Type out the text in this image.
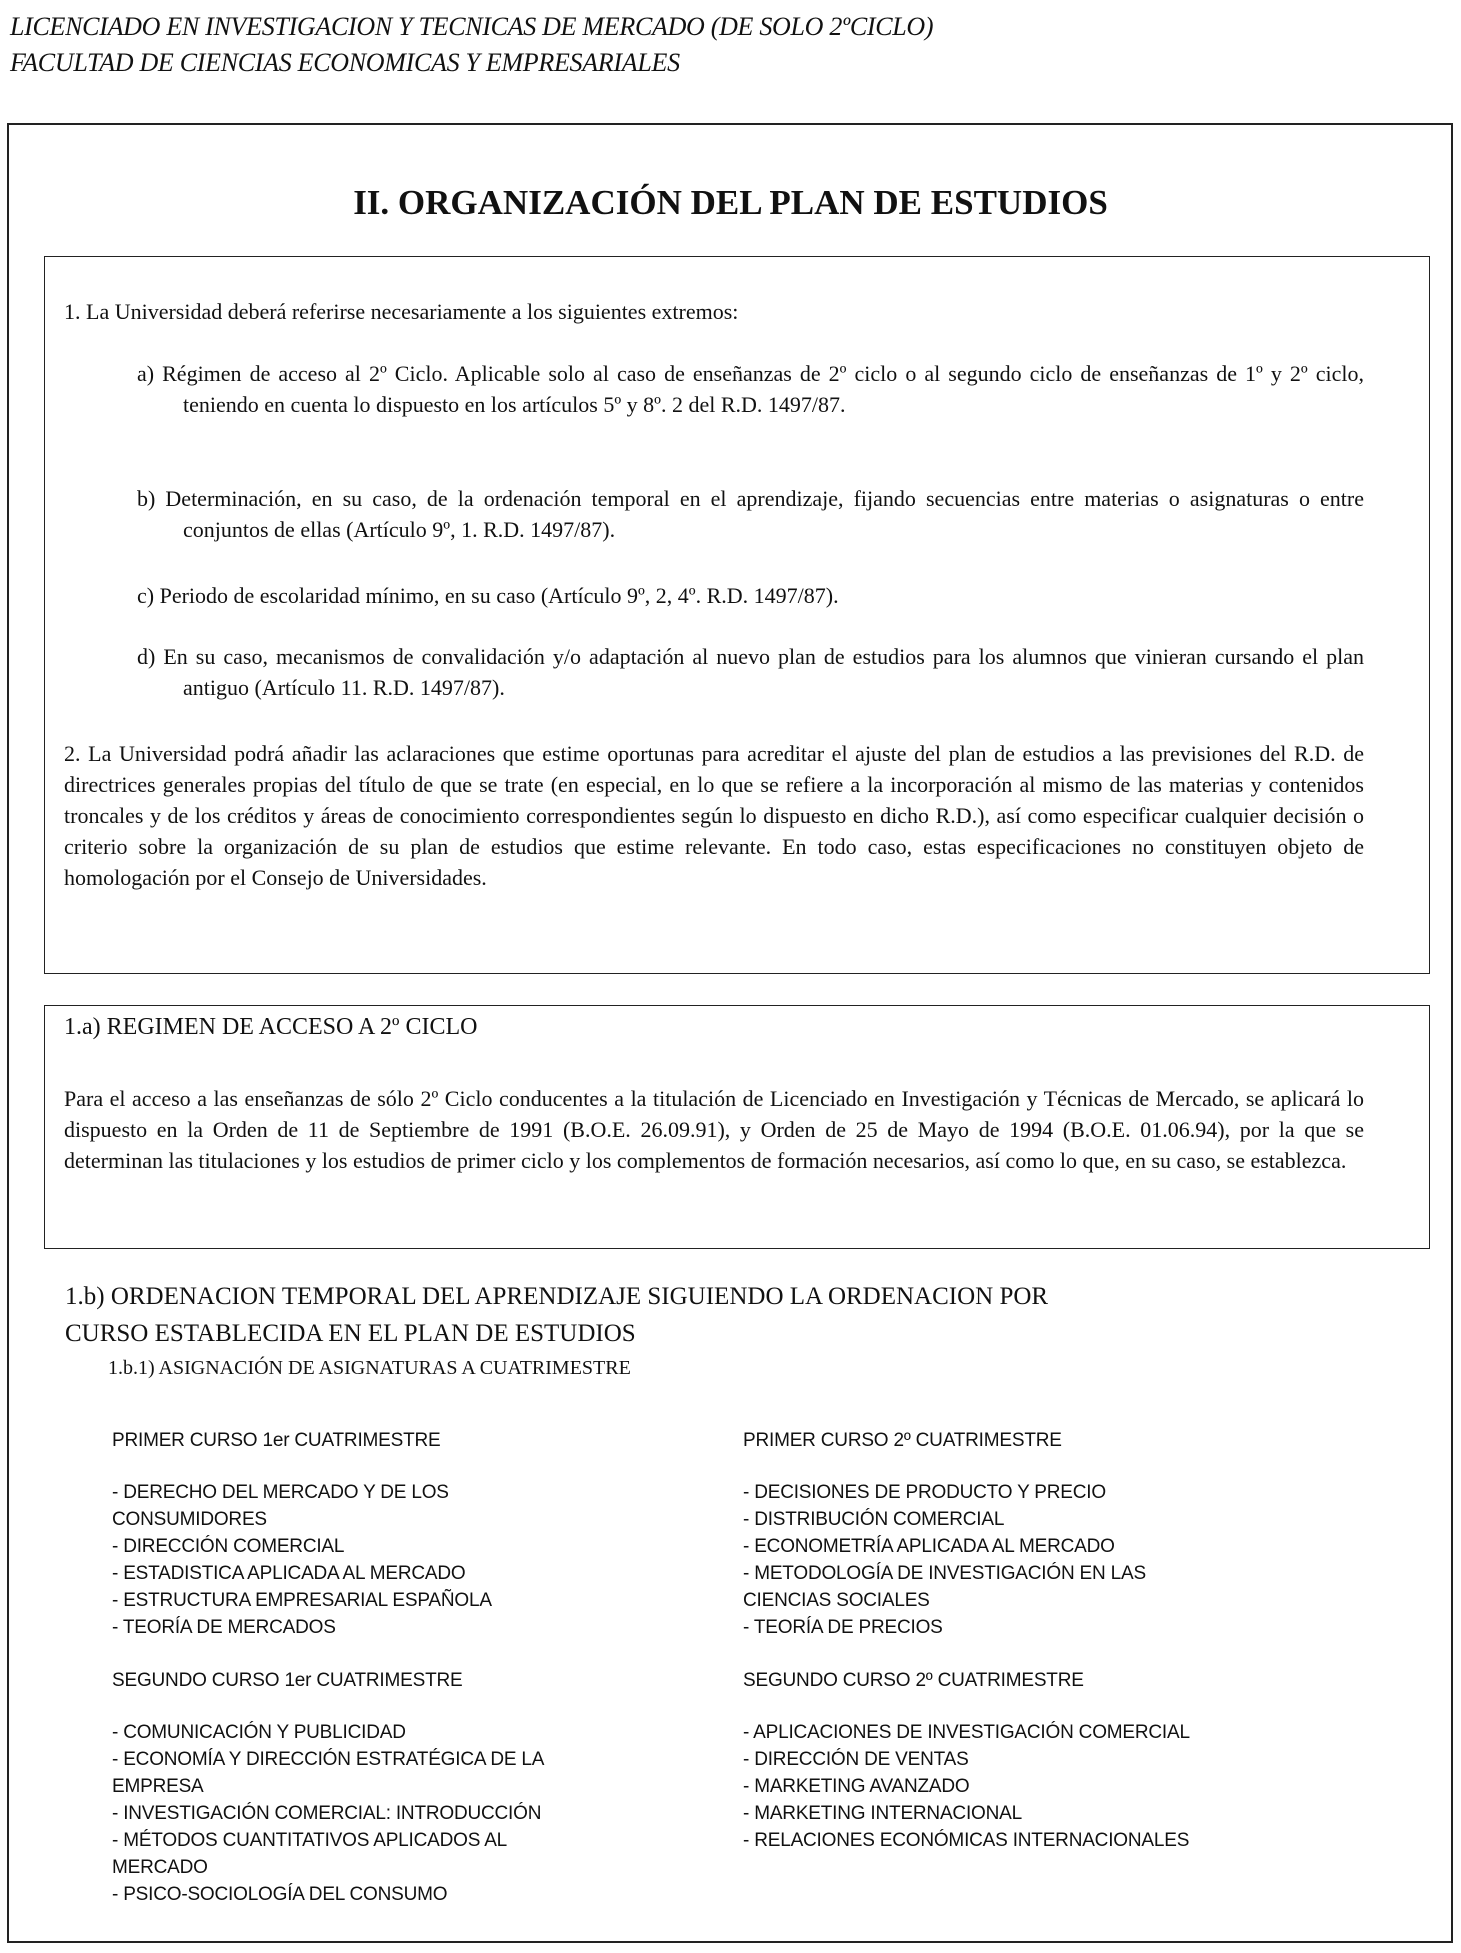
LICENCIADO EN INVESTIGACION Y TECNICAS DE MERCADO (DE SOLO 2ºCICLO)
FACULTAD DE CIENCIAS ECONOMICAS Y EMPRESARIALES
II. ORGANIZACIÓN DEL PLAN DE ESTUDIOS
1. La Universidad deberá referirse necesariamente a los siguientes extremos:
a) Régimen de acceso al 2º Ciclo. Aplicable solo al caso de enseñanzas de 2º ciclo o al segundo ciclo de enseñanzas de 1º y 2º ciclo, teniendo en cuenta lo dispuesto en los artículos 5º y 8º. 2 del R.D. 1497/87.
b) Determinación, en su caso, de la ordenación temporal en el aprendizaje, fijando secuencias entre materias o asignaturas o entre conjuntos de ellas (Artículo 9º, 1. R.D. 1497/87).
c) Periodo de escolaridad mínimo, en su caso (Artículo 9º, 2, 4º. R.D. 1497/87).
d) En su caso, mecanismos de convalidación y/o adaptación al nuevo plan de estudios para los alumnos que vinieran cursando el plan antiguo (Artículo 11. R.D. 1497/87).
2. La Universidad podrá añadir las aclaraciones que estime oportunas para acreditar el ajuste del plan de estudios a las previsiones del R.D. de directrices generales propias del título de que se trate (en especial, en lo que se refiere a la incorporación al mismo de las materias y contenidos troncales y de los créditos y áreas de conocimiento correspondientes según lo dispuesto en dicho R.D.), así como especificar cualquier decisión o criterio sobre la organización de su plan de estudios que estime relevante. En todo caso, estas especificaciones no constituyen objeto de homologación por el Consejo de Universidades.
1.a) REGIMEN DE ACCESO A 2º CICLO
Para el acceso a las enseñanzas de sólo 2º Ciclo conducentes a la titulación de Licenciado en Investigación y Técnicas de Mercado, se aplicará lo dispuesto en la Orden de 11 de Septiembre de 1991 (B.O.E. 26.09.91), y Orden de 25 de Mayo de 1994 (B.O.E. 01.06.94), por la que se determinan las titulaciones y los estudios de primer ciclo y los complementos de formación necesarios, así como lo que, en su caso, se establezca.
1.b) ORDENACION TEMPORAL DEL APRENDIZAJE SIGUIENDO LA ORDENACION POR
CURSO ESTABLECIDA EN EL PLAN DE ESTUDIOS
1.b.1) ASIGNACIÓN DE ASIGNATURAS A CUATRIMESTRE
PRIMER CURSO 1er CUATRIMESTRE
- DERECHO DEL MERCADO Y DE LOS
CONSUMIDORES
- DIRECCIÓN COMERCIAL
- ESTADISTICA APLICADA AL MERCADO
- ESTRUCTURA EMPRESARIAL ESPAÑOLA
- TEORÍA DE MERCADOS
PRIMER CURSO 2º CUATRIMESTRE
- DECISIONES DE PRODUCTO Y PRECIO
- DISTRIBUCIÓN COMERCIAL
- ECONOMETRÍA APLICADA AL MERCADO
- METODOLOGÍA DE INVESTIGACIÓN EN LAS
CIENCIAS SOCIALES
- TEORÍA DE PRECIOS
SEGUNDO CURSO 1er CUATRIMESTRE
- COMUNICACIÓN Y PUBLICIDAD
- ECONOMÍA Y DIRECCIÓN ESTRATÉGICA DE LA
EMPRESA
- INVESTIGACIÓN COMERCIAL: INTRODUCCIÓN
- MÉTODOS CUANTITATIVOS APLICADOS AL
MERCADO
- PSICO-SOCIOLOGÍA DEL CONSUMO
SEGUNDO CURSO 2º CUATRIMESTRE
- APLICACIONES DE INVESTIGACIÓN COMERCIAL
- DIRECCIÓN DE VENTAS
- MARKETING AVANZADO
- MARKETING INTERNACIONAL
- RELACIONES ECONÓMICAS INTERNACIONALES
